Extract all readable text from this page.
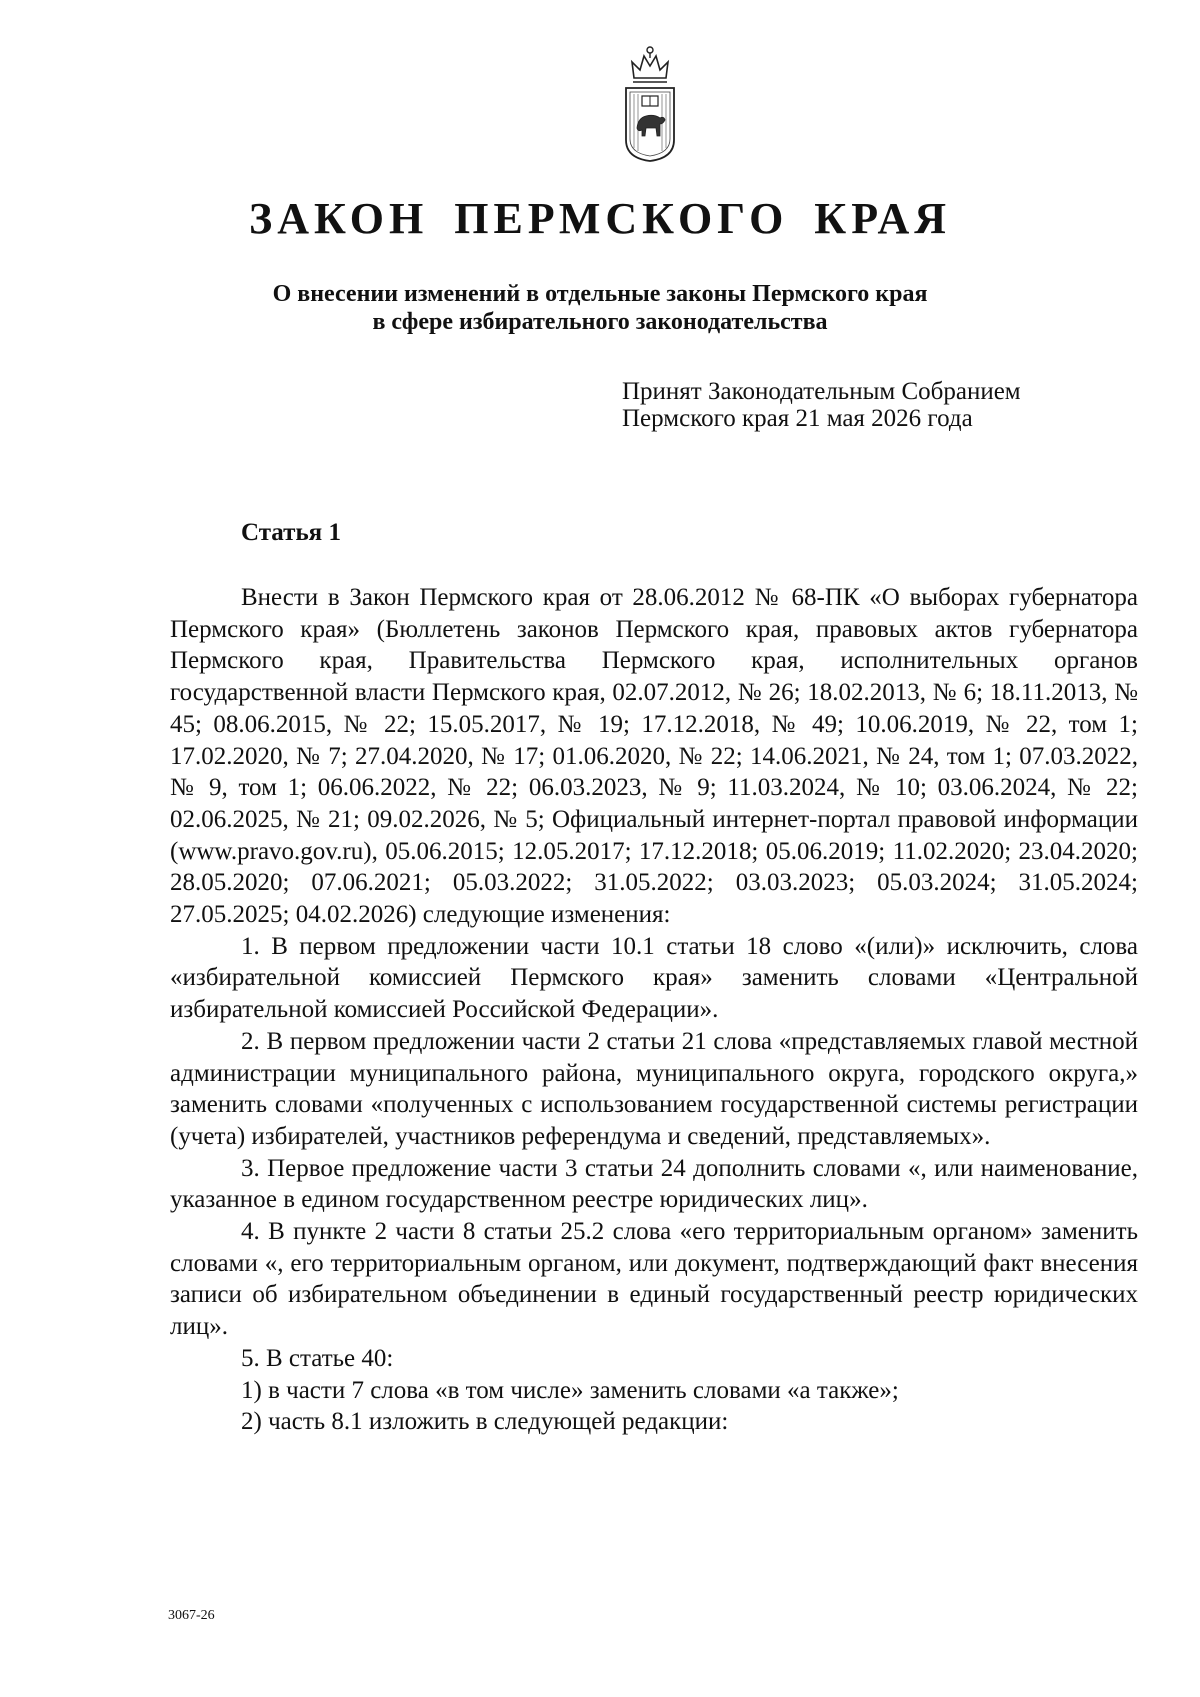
ЗАКОН ПЕРМСКОГО КРАЯ
О внесении изменений в отдельные законы Пермского края
в сфере избирательного законодательства
Принят Законодательным Собранием
Пермского края 21 мая 2026 года
Статья 1

Внести в Закон Пермского края от 28.06.2012 № 68-ПК «О выборах губернатора Пермского края» (Бюллетень законов Пермского края, правовых актов губернатора Пермского края, Правительства Пермского края, исполнительных органов государственной власти Пермского края, 02.07.2012, № 26; 18.02.2013, № 6; 18.11.2013, № 45; 08.06.2015, № 22; 15.05.2017, № 19; 17.12.2018, № 49; 10.06.2019, № 22, том 1; 17.02.2020, № 7; 27.04.2020, № 17; 01.06.2020, № 22; 14.06.2021, № 24, том 1; 07.03.2022, № 9, том 1; 06.06.2022, № 22; 06.03.2023, № 9; 11.03.2024, № 10; 03.06.2024, № 22; 02.06.2025, № 21; 09.02.2026, № 5; Официальный интернет-портал правовой информации (www.pravo.gov.ru), 05.06.2015; 12.05.2017; 17.12.2018; 05.06.2019; 11.02.2020; 23.04.2020; 28.05.2020; 07.06.2021; 05.03.2022; 31.05.2022; 03.03.2023; 05.03.2024; 31.05.2024; 27.05.2025; 04.02.2026) следующие изменения:

1. В первом предложении части 10.1 статьи 18 слово «(или)» исключить, слова «избирательной комиссией Пермского края» заменить словами «Центральной избирательной комиссией Российской Федерации».

2. В первом предложении части 2 статьи 21 слова «представляемых главой местной администрации муниципального района, муниципального округа, городского округа,» заменить словами «полученных с использованием государственной системы регистрации (учета) избирателей, участников референдума и сведений, представляемых».

3. Первое предложение части 3 статьи 24 дополнить словами «, или наименование, указанное в едином государственном реестре юридических лиц».

4. В пункте 2 части 8 статьи 25.2 слова «его территориальным органом» заменить словами «, его территориальным органом, или документ, подтверждающий факт внесения записи об избирательном объединении в единый государственный реестр юридических лиц».

5. В статье 40:

1) в части 7 слова «в том числе» заменить словами «а также»;

2) часть 8.1 изложить в следующей редакции:

3067-26
